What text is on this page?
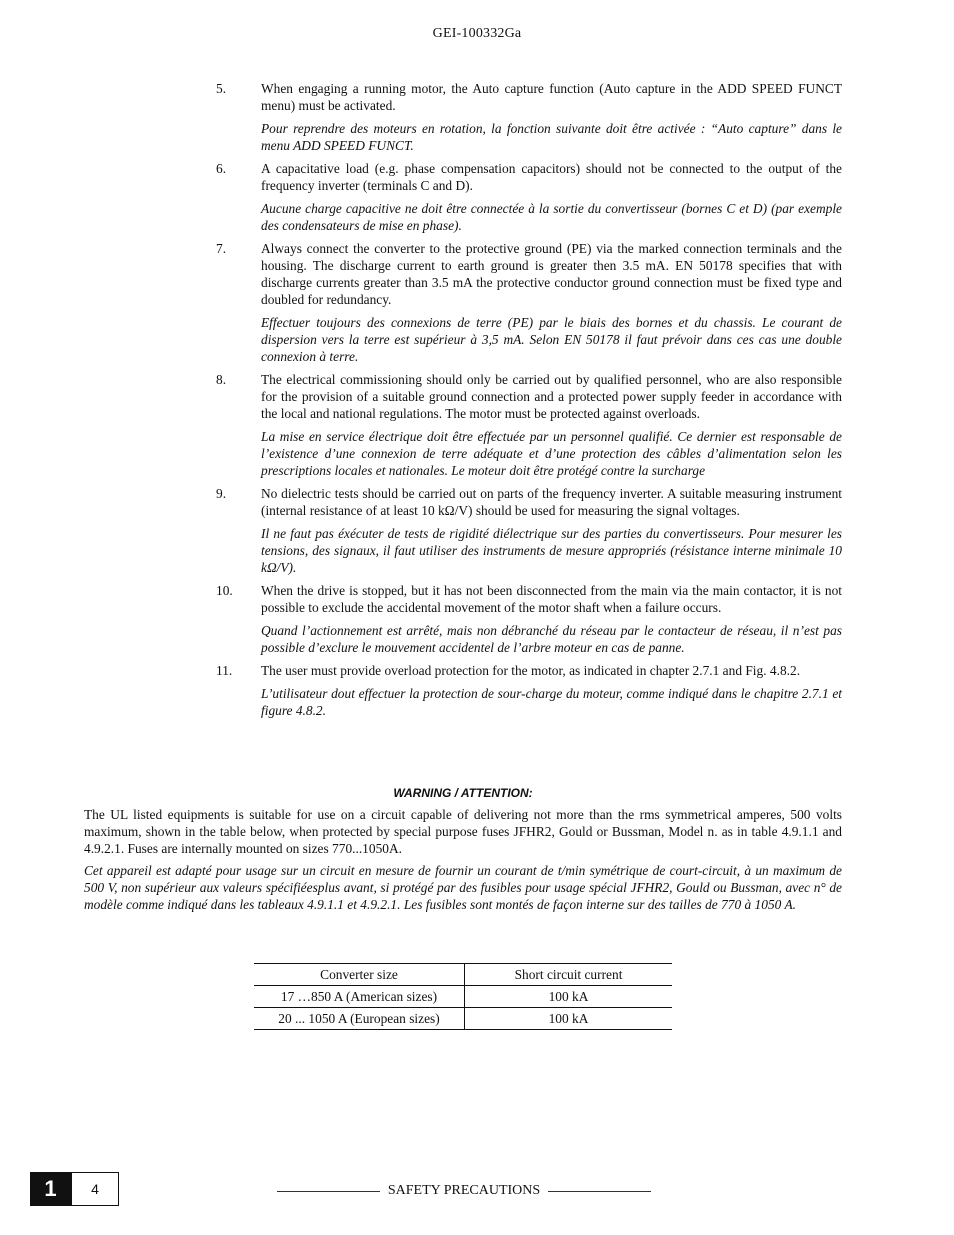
GEI-100332Ga
5.	When engaging a running motor, the Auto capture function (Auto capture in the ADD SPEED FUNCT menu) must be activated.

Pour reprendre des moteurs en rotation, la fonction suivante doit être activée : “Auto capture” dans le menu ADD SPEED FUNCT.

6.	A capacitative load (e.g. phase compensation capacitors) should not be connected to the output of the frequency inverter (terminals C and D).

Aucune charge capacitive ne doit être connectée à la sortie du convertisseur (bornes C et D) (par exemple des condensateurs de mise en phase).

7.	Always connect the converter to the protective ground (PE) via the marked connection terminals and the housing. The discharge current to earth ground is greater then 3.5 mA. EN 50178 specifies that with discharge currents greater than 3.5 mA the protective conductor ground connection must be fixed type and doubled for redundancy.

Effectuer toujours des connexions de terre (PE) par le biais des bornes et du chassis. Le courant de dispersion vers la terre est supérieur à 3,5 mA. Selon EN 50178 il faut prévoir dans ces cas une double connexion à terre.

8.	The electrical commissioning should only be carried out by qualified personnel, who are also responsible for the provision of a suitable ground connection and a protected power supply feeder in accordance with the local and national regulations. The motor must be protected against overloads.

La mise en service électrique doit être effectuée par un personnel qualifié. Ce dernier est responsable de l’existence d’une connexion de terre adéquate et d’une protection des câbles d’alimentation selon les prescriptions locales et nationales. Le moteur doit être protégé contre la surcharge

9.	No dielectric tests should be carried out on parts of the frequency inverter. A suitable measuring instrument (internal resistance of at least 10 kΩ/V) should be used for measuring the signal voltages.

Il ne faut pas éxécuter de tests de rigidité diélectrique sur des parties du convertisseurs. Pour mesurer les tensions, des signaux, il faut utiliser des instruments de mesure appropriés (résistance interne minimale 10 kΩ/V).

10.	When the drive is stopped, but it has not been disconnected from the main via the main contactor, it is not possible to exclude the accidental movement of the motor shaft when a failure occurs.

Quand l’actionnement est arrêté, mais non débranché du réseau par le contacteur de réseau, il n’est pas possible d’exclure le mouvement accidentel de l’arbre moteur en cas de panne.

11.	The user must provide overload protection for the motor, as indicated in chapter 2.7.1 and Fig. 4.8.2.

L’utilisateur dout effectuer la protection de sour-charge du moteur, comme indiqué dans le chapitre 2.7.1 et figure 4.8.2.

WARNING / ATTENTION:

The UL listed equipments is suitable for use on a circuit capable of delivering not more than the rms symmetrical amperes, 500 volts maximum, shown in the table below, when protected by special purpose fuses JFHR2, Gould or Bussman, Model n. as in table 4.9.1.1 and 4.9.2.1. Fuses are internally mounted on sizes 770...1050A.

Cet appareil est adapté pour usage sur un circuit en mesure de fournir un courant de t/min symétrique de court-circuit, à un maximum de 500 V, non supérieur aux valeurs spécifiéesplus avant, si protégé par des fusibles pour usage spécial JFHR2, Gould ou Bussman, avec n° de modèle comme indiqué dans les tableaux 4.9.1.1 et 4.9.2.1. Les fusibles sont montés de façon interne sur des tailles de 770 à 1050 A.

Converter size	Short circuit current
17 …850 A (American sizes)	100 kA
20 ... 1050 A (European sizes)	100 kA
1	4	SAFETY PRECAUTIONS
